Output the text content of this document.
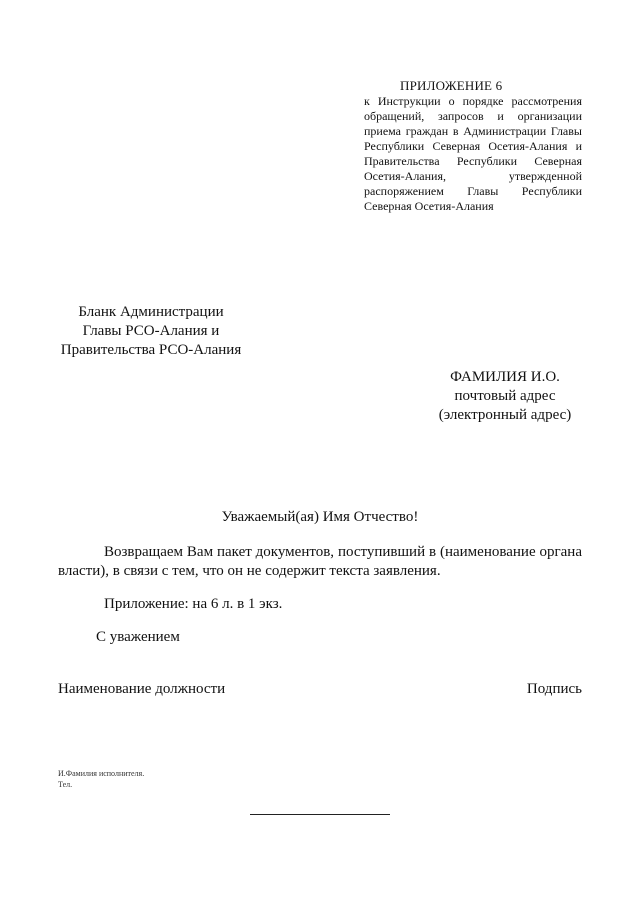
ПРИЛОЖЕНИЕ 6
к Инструкции о порядке рассмотрения обращений, запросов и организации приема граждан в Администрации Главы Республики Северная Осетия-Алания и Правительства Республики Северная Осетия-Алания, утвержденной распоряжением Главы Республики Северная Осетия-Алания
Бланк Администрации
Главы РСО-Алания и
Правительства РСО-Алания
ФАМИЛИЯ И.О.
почтовый адрес
(электронный адрес)
Уважаемый(ая) Имя Отчество!
Возвращаем Вам пакет документов, поступивший в (наименование органа власти), в связи с тем, что он не содержит текста заявления.
Приложение: на 6 л. в 1 экз.
С уважением
Наименование должности	Подпись
И.Фамилия исполнителя.
Тел.
